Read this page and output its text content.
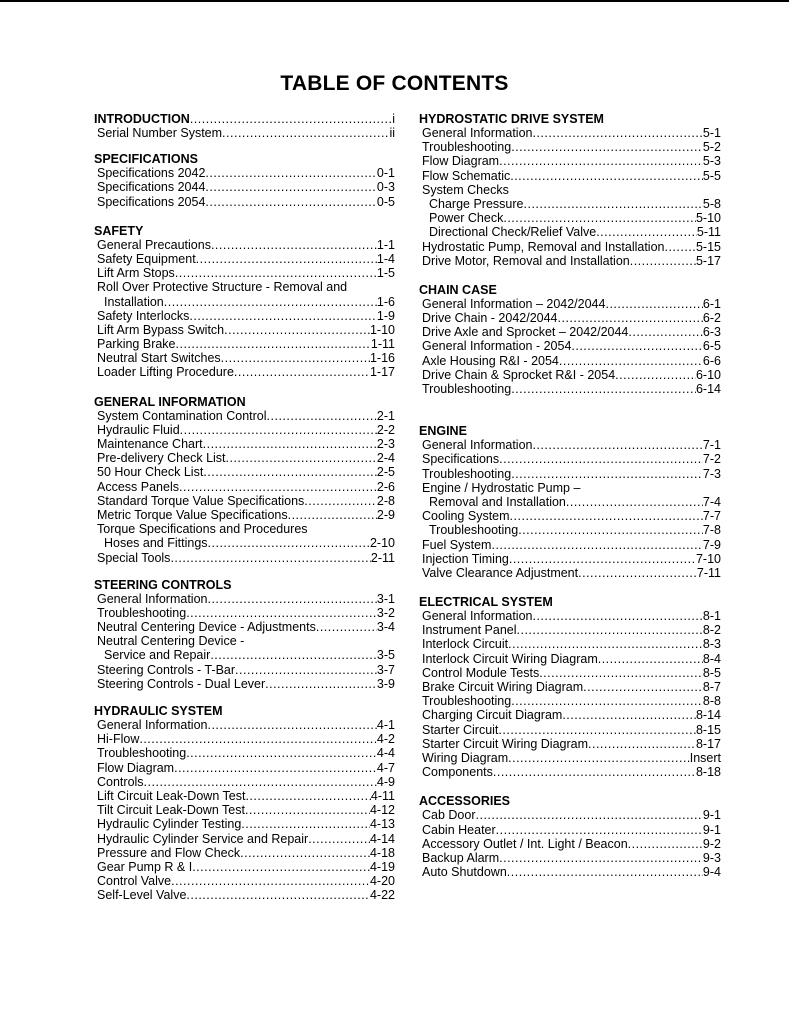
TABLE OF CONTENTS
INTRODUCTION .....	i
Serial Number System .....	ii
SPECIFICATIONS
Specifications 2042 .....	0-1
Specifications 2044 .....	0-3
Specifications 2054 .....	0-5
SAFETY
General Precautions .....	1-1
Safety Equipment .....	1-4
Lift Arm Stops .....	1-5
Roll Over Protective Structure - Removal and
Installation .....	1-6
Safety Interlocks .....	1-9
Lift Arm Bypass Switch .....	1-10
Parking Brake .....	1-11
Neutral Start Switches .....	1-16
Loader Lifting Procedure .....	1-17
GENERAL INFORMATION
System Contamination Control .....	2-1
Hydraulic Fluid .....	2-2
Maintenance Chart .....	2-3
Pre-delivery Check List .....	2-4
50 Hour Check List .....	2-5
Access Panels .....	2-6
Standard Torque Value Specifications .....	2-8
Metric Torque Value Specifications .....	2-9
Torque Specifications and Procedures
Hoses and Fittings .....	2-10
Special Tools .....	2-11
STEERING CONTROLS
General Information .....	3-1
Troubleshooting .....	3-2
Neutral Centering Device - Adjustments .....	3-4
Neutral Centering Device -
Service and Repair .....	3-5
Steering Controls - T-Bar .....	3-7
Steering Controls - Dual Lever .....	3-9
HYDRAULIC SYSTEM
General Information .....	4-1
Hi-Flow .....	4-2
Troubleshooting .....	4-4
Flow Diagram .....	4-7
Controls .....	4-9
Lift Circuit Leak-Down Test .....	4-11
Tilt Circuit Leak-Down Test .....	4-12
Hydraulic Cylinder Testing .....	4-13
Hydraulic Cylinder Service and Repair .....	4-14
Pressure and Flow Check .....	4-18
Gear Pump R & I .....	4-19
Control Valve .....	4-20
Self-Level Valve .....	4-22
HYDROSTATIC DRIVE SYSTEM
General Information .....	5-1
Troubleshooting .....	5-2
Flow Diagram .....	5-3
Flow Schematic .....	5-5
System Checks
Charge Pressure .....	5-8
Power Check .....	5-10
Directional Check/Relief Valve .....	5-11
Hydrostatic Pump, Removal and Installation .....	5-15
Drive Motor, Removal and Installation .....	5-17
CHAIN CASE
General Information – 2042/2044 .....	6-1
Drive Chain - 2042/2044 .....	6-2
Drive Axle and Sprocket – 2042/2044 .....	6-3
General Information - 2054 .....	6-5
Axle Housing R&I - 2054 .....	6-6
Drive Chain & Sprocket R&I - 2054 .....	6-10
Troubleshooting .....	6-14
ENGINE
General Information .....	7-1
Specifications .....	7-2
Troubleshooting .....	7-3
Engine / Hydrostatic Pump –
Removal and Installation .....	7-4
Cooling System .....	7-7
Troubleshooting .....	7-8
Fuel System .....	7-9
Injection Timing .....	7-10
Valve Clearance Adjustment .....	7-11
ELECTRICAL SYSTEM
General Information .....	8-1
Instrument Panel .....	8-2
Interlock Circuit .....	8-3
Interlock Circuit Wiring Diagram .....	8-4
Control Module Tests .....	8-5
Brake Circuit Wiring Diagram .....	8-7
Troubleshooting .....	8-8
Charging Circuit Diagram .....	8-14
Starter Circuit .....	8-15
Starter Circuit Wiring Diagram .....	8-17
Wiring Diagram .....	Insert
Components .....	8-18
ACCESSORIES
Cab Door .....	9-1
Cabin Heater .....	9-1
Accessory Outlet / Int. Light / Beacon .....	9-2
Backup Alarm .....	9-3
Auto Shutdown .....	9-4
